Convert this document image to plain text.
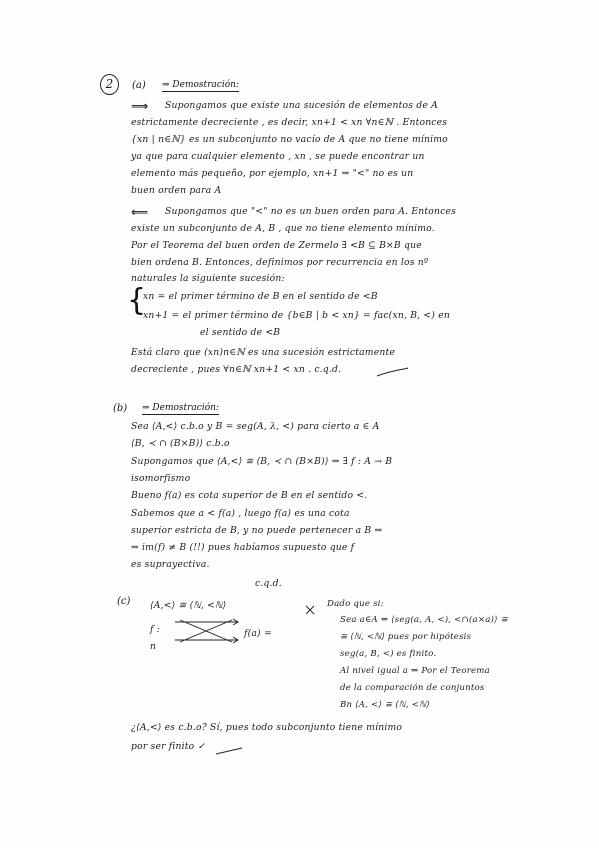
2	(a) ⇒ Demostración:
⟹ Supongamos que existe una sucesión de elementos de A
estrictamente decreciente , es decir, xn+1 < xn ∀n∈ℕ . Entonces
{xn | n∈ℕ} es un subconjunto no vacío de A que no tiene mínimo
ya que para cualquier elemento , xn , se puede encontrar un
elemento más pequeño, por ejemplo, xn+1 ⇒ "<" no es un
buen orden para A
⟸ Supongamos que "<" no es un buen orden para A. Entonces
existe un subconjunto de A, B , que no tiene elemento mínimo.
Por el Teorema del buen orden de Zermelo ∃ <B ⊆ B×B que
bien ordena B. Entonces, definimos por recurrencia en los nº
naturales la siguiente sucesión:
{
xn = el primer término de B en el sentido de <B
xn+1 = el primer término de {b∈B | b < xn} = fac(xn, B, <) en
el sentido de <B
Está claro que (xn)n∈ℕ es una sucesión estrictamente
decreciente , pues ∀n∈ℕ xn+1 < xn . c.q.d.
(b) ⇒ Demostración:
Sea ⟨A,<⟩ c.b.o y B = seg(A, λ, <) para cierto a ∈ A
⟨B, ≺ ∩ (B×B)⟩ c.b.o
Supongamos que ⟨A,<⟩ ≅ ⟨B, ≺ ∩ (B×B)⟩ ⇒ ∃ f : A → B
isomorfismo
Bueno f(a) es cota superior de B en el sentido <.
Sabemos que a < f(a) , luego f(a) es una cota
superior estricta de B, y no puede pertenecer a B ⇒
⇒ im(f) ≠ B (!!) pues habíamos supuesto que f
es suprayectiva.
c.q.d.
(c) ⟨A,<⟩ ≅ ⟨ℕ, <ℕ⟩
f :
n
f(a) =
Dado que si:
Sea a∈A ⇔ ⟨seg(a, A, <), <∩(a×a)⟩ ≅
≅ ⟨ℕ, <ℕ⟩ pues por hipótesis
seg(a, B, <) es finito.
Al nivel igual a ⇒ Por el Teorema
de la comparación de conjuntos
Bn ⟨A, <⟩ ≅ ⟨ℕ, <ℕ⟩
¿⟨A,<⟩ es c.b.o? Sí, pues todo subconjunto tiene mínimo
por ser finito ✓
